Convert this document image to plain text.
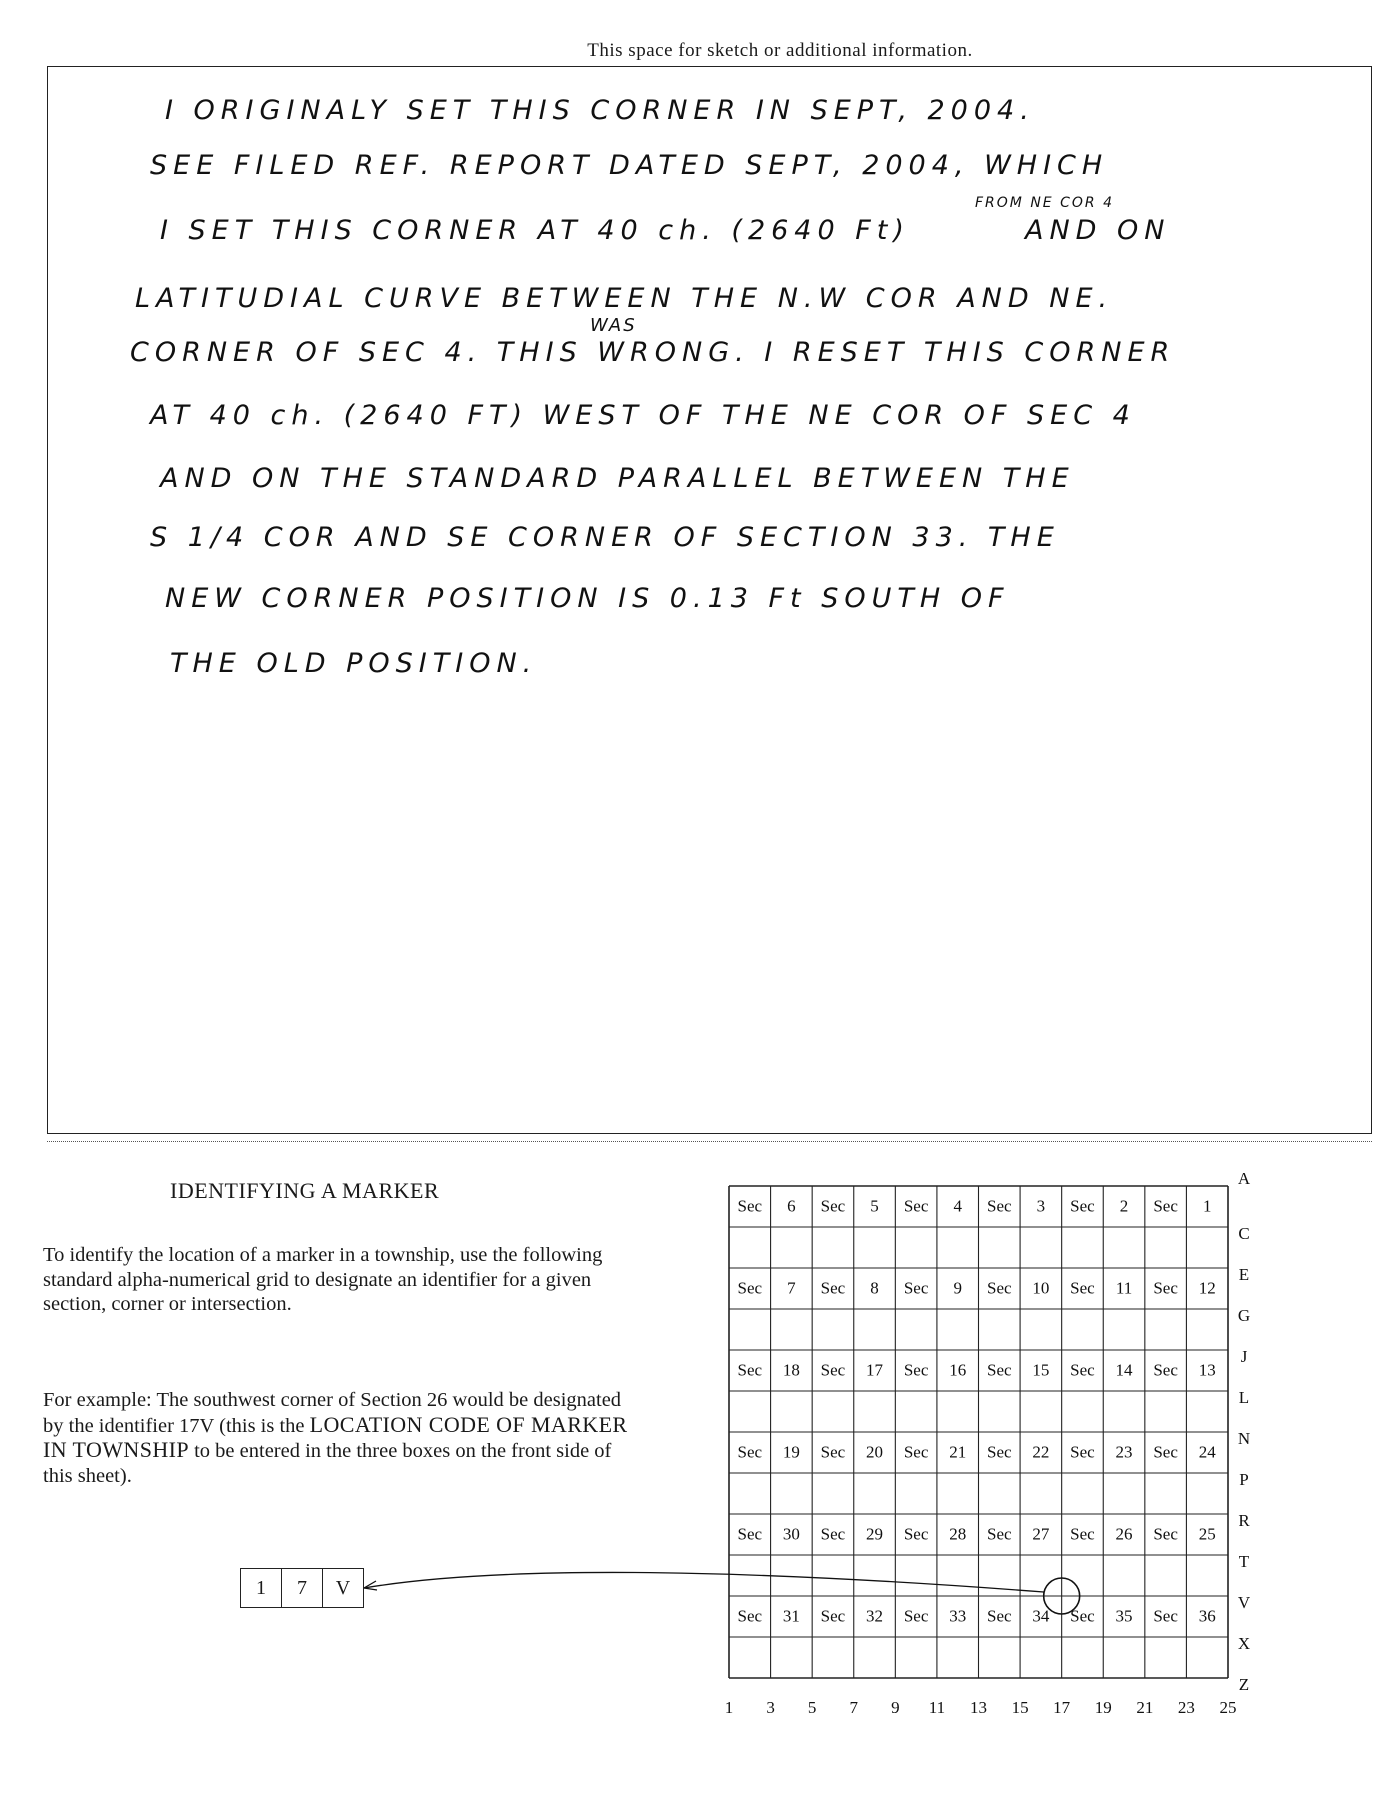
This space for sketch or additional information.
I ORIGINALY SET THIS CORNER IN SEPT, 2004.
SEE FILED REF. REPORT DATED SEPT, 2004, WHICH
I SET THIS CORNER AT 40 ch. (2640 Ft)
FROM NE COR 4
AND ON
LATITUDIAL CURVE BETWEEN THE N.W COR AND NE.
WAS
CORNER OF SEC 4. THIS WRONG. I RESET THIS CORNER
AT 40 ch. (2640 FT) WEST OF THE NE COR OF SEC 4
AND ON THE STANDARD PARALLEL BETWEEN THE
S 1/4 COR AND SE CORNER OF SECTION 33. THE
NEW CORNER POSITION IS 0.13 Ft SOUTH OF
THE OLD POSITION.
IDENTIFYING A MARKER
To identify the location of a marker in a township, use the following standard alpha-numerical grid to designate an identifier for a given section, corner or intersection.
For example: The southwest corner of Section 26 would be designated by the identifier 17V (this is the LOCATION CODE OF MARKER IN TOWNSHIP to be entered in the three boxes on the front side of this sheet).
1	7	V
Sec 6 Sec 5 Sec 4 Sec 3 Sec 2 Sec 1
Sec 7 Sec 8 Sec 9 Sec 10 Sec 11 Sec 12
Sec 18 Sec 17 Sec 16 Sec 15 Sec 14 Sec 13
Sec 19 Sec 20 Sec 21 Sec 22 Sec 23 Sec 24
Sec 30 Sec 29 Sec 28 Sec 27 Sec 26 Sec 25
Sec 31 Sec 32 Sec 33 Sec 34 Sec 35 Sec 36
A
C
E
G
J
L
N
P
R
T
V
X
Z
1 3 5 7 9 11 13 15 17 19 21 23 25
